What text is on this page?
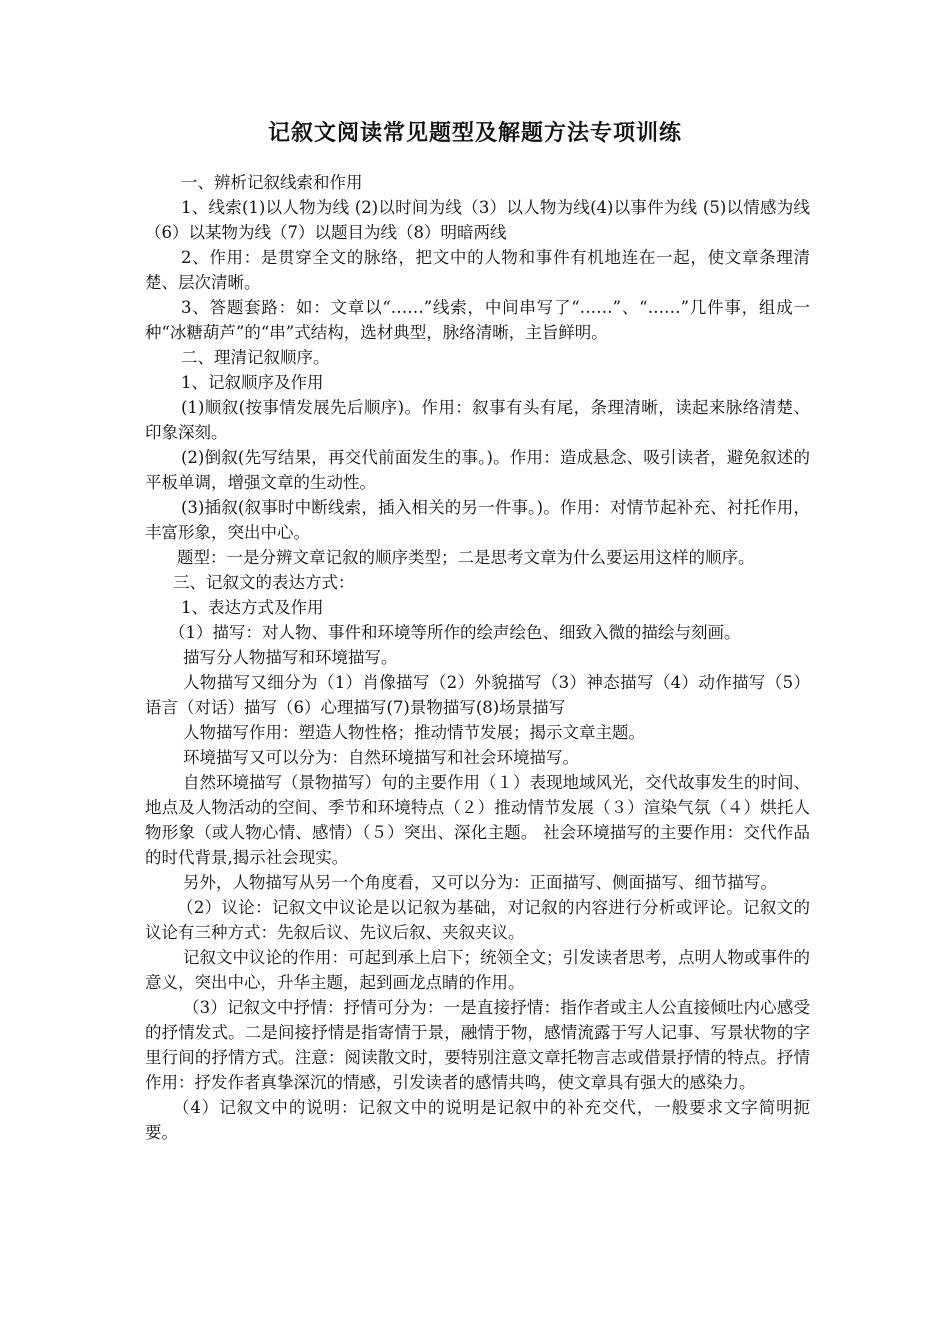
记叙文阅读常见题型及解题方法专项训练

一、辨析记叙线索和作用

1、线索(1)以人物为线 (2)以时间为线（3）以人物为线(4)以事件为线 (5)以情感为线（6）以某物为线（7）以题目为线（8）明暗两线

2、作用：是贯穿全文的脉络，把文中的人物和事件有机地连在一起，使文章条理清楚、层次清晰。

3、答题套路：如：文章以“……”线索，中间串写了“……”、“……”几件事，组成一种“冰糖葫芦”的“串”式结构，选材典型，脉络清晰，主旨鲜明。

二、理清记叙顺序。

1、记叙顺序及作用

(1)顺叙(按事情发展先后顺序)。作用：叙事有头有尾，条理清晰，读起来脉络清楚、印象深刻。

(2)倒叙(先写结果，再交代前面发生的事。)。作用：造成悬念、吸引读者，避免叙述的平板单调，增强文章的生动性。

(3)插叙(叙事时中断线索，插入相关的另一件事。)。作用：对情节起补充、衬托作用，丰富形象，突出中心。

题型：一是分辨文章记叙的顺序类型；二是思考文章为什么要运用这样的顺序。

三、记叙文的表达方式：

1、表达方式及作用

（1）描写：对人物、事件和环境等所作的绘声绘色、细致入微的描绘与刻画。

描写分人物描写和环境描写。

人物描写又细分为（1）肖像描写（2）外貌描写（3）神态描写（4）动作描写（5）语言（对话）描写（6）心理描写(7)景物描写(8)场景描写

人物描写作用：塑造人物性格；推动情节发展；揭示文章主题。

环境描写又可以分为：自然环境描写和社会环境描写。

自然环境描写（景物描写）句的主要作用（１）表现地域风光，交代故事发生的时间、地点及人物活动的空间、季节和环境特点（２）推动情节发展（３）渲染气氛（４）烘托人物形象（或人物心情、感情）（５）突出、深化主题。 社会环境描写的主要作用：交代作品的时代背景,揭示社会现实。

另外，人物描写从另一个角度看，又可以分为：正面描写、侧面描写、细节描写。

（2）议论：记叙文中议论是以记叙为基础，对记叙的内容进行分析或评论。记叙文的议论有三种方式：先叙后议、先议后叙、夹叙夹议。

记叙文中议论的作用：可起到承上启下；统领全文；引发读者思考，点明人物或事件的意义，突出中心，升华主题，起到画龙点睛的作用。

（3）记叙文中抒情：抒情可分为：一是直接抒情：指作者或主人公直接倾吐内心感受的抒情发式。二是间接抒情是指寄情于景，融情于物，感情流露于写人记事、写景状物的字里行间的抒情方式。注意：阅读散文时，要特别注意文章托物言志或借景抒情的特点。抒情作用：抒发作者真挚深沉的情感，引发读者的感情共鸣，使文章具有强大的感染力。

（4）记叙文中的说明：记叙文中的说明是记叙中的补充交代，一般要求文字简明扼要。
